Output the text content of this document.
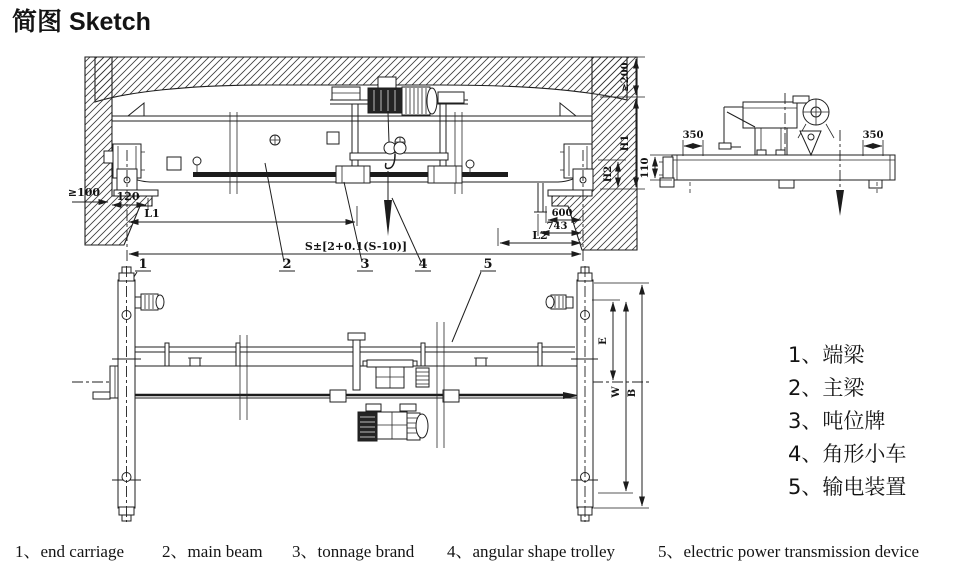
简图 Sketch
≥200
H1
H2
≥100 120
L1	600
743
L2
S±[2+0.1(S-10)]
1	2	3	4	5
350	350
110
E
W B
1、端梁
2、主梁
3、吨位牌
4、角形小车
5、输电装置
1、end carriage 2、main beam 3、tonnage brand 4、angular shape trolley	5、electric power transmission device
